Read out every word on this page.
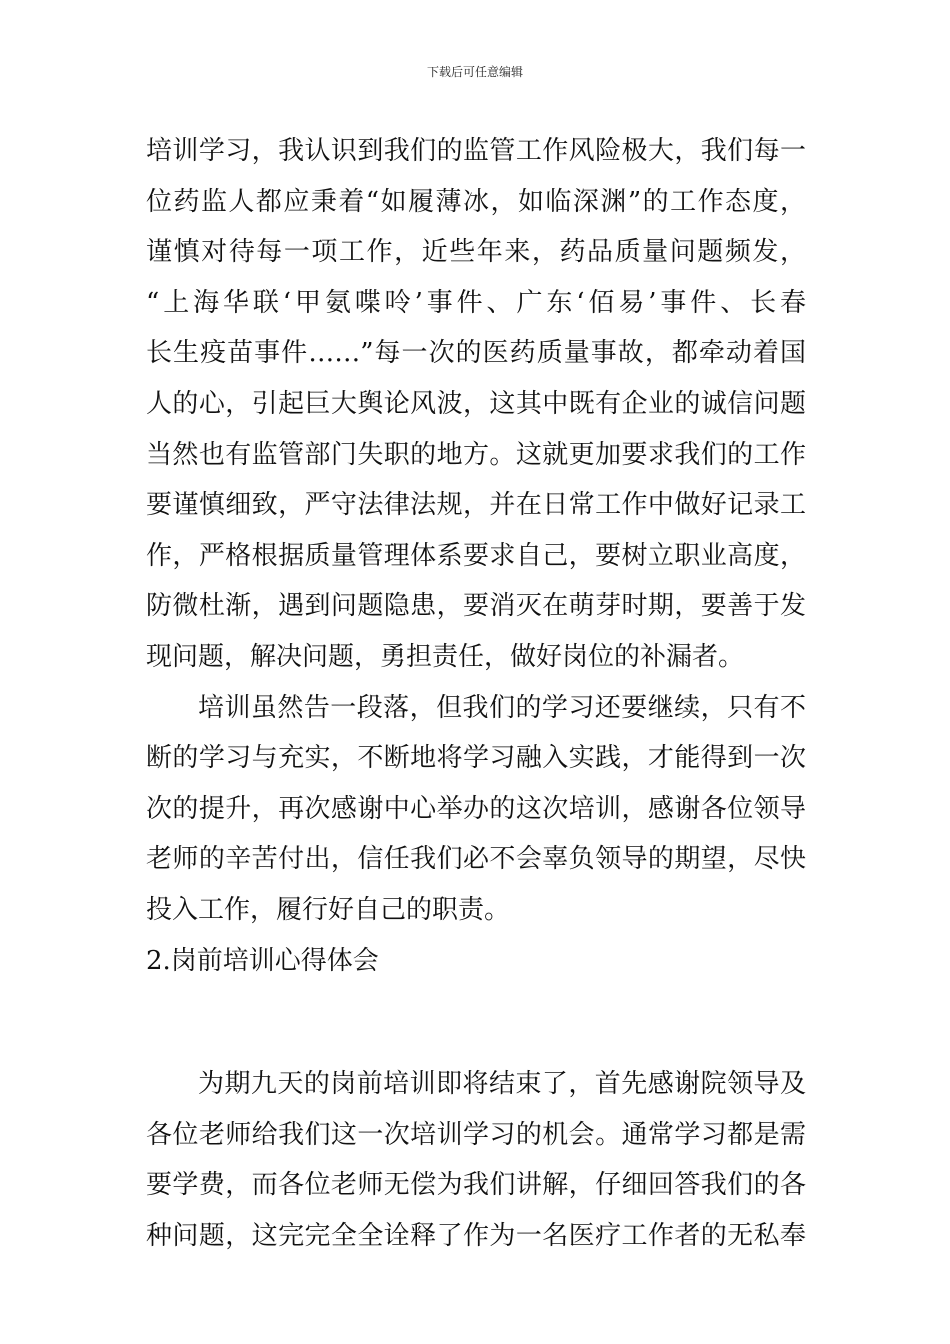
下载后可任意编辑
培训学习，我认识到我们的监管工作风险极大，我们每一
位药监人都应秉着“如履薄冰，如临深渊”的工作态度，
谨慎对待每一项工作，近些年来，药品质量问题频发，
“上海华联‘甲氨喋呤’事件、广东‘佰易’事件、长春
长生疫苗事件……”每一次的医药质量事故，都牵动着国
人的心，引起巨大舆论风波，这其中既有企业的诚信问题
当然也有监管部门失职的地方。这就更加要求我们的工作
要谨慎细致，严守法律法规，并在日常工作中做好记录工
作，严格根据质量管理体系要求自己，要树立职业高度，
防微杜渐，遇到问题隐患，要消灭在萌芽时期，要善于发
现问题，解决问题，勇担责任，做好岗位的补漏者。
培训虽然告一段落，但我们的学习还要继续，只有不
断的学习与充实，不断地将学习融入实践，才能得到一次
次的提升，再次感谢中心举办的这次培训，感谢各位领导
老师的辛苦付出，信任我们必不会辜负领导的期望，尽快
投入工作，履行好自己的职责。
2.岗前培训心得体会
为期九天的岗前培训即将结束了，首先感谢院领导及
各位老师给我们这一次培训学习的机会。通常学习都是需
要学费，而各位老师无偿为我们讲解，仔细回答我们的各
种问题，这完完全全诠释了作为一名医疗工作者的无私奉
